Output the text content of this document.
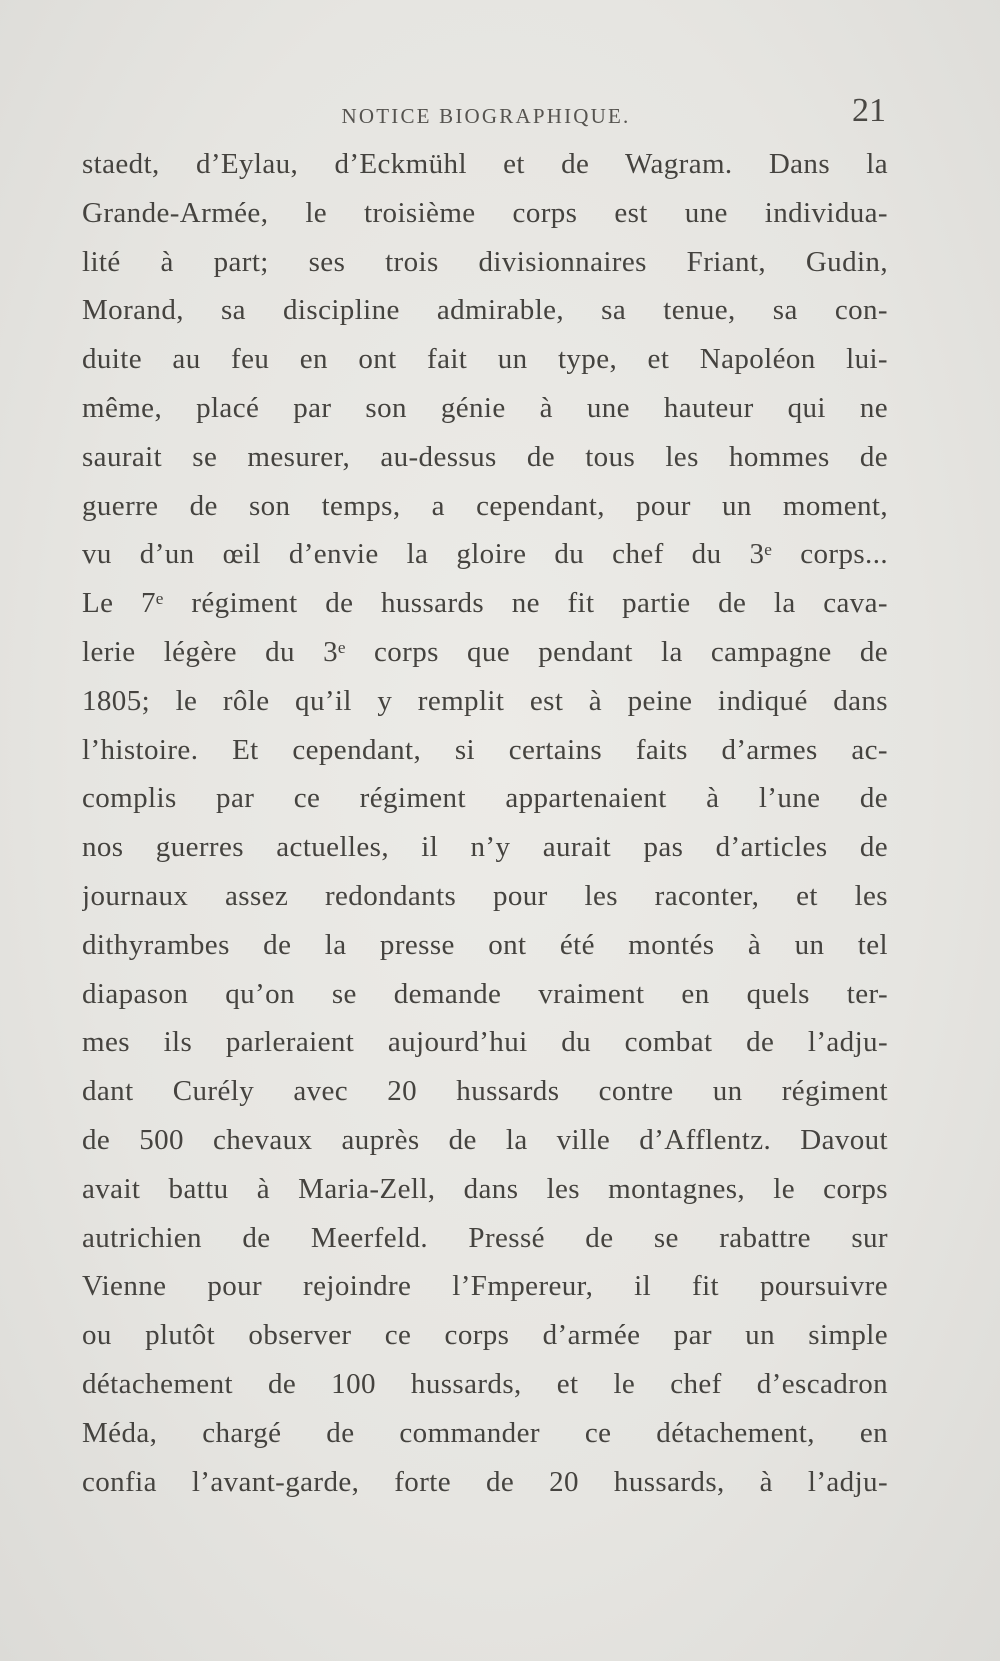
NOTICE BIOGRAPHIQUE.	21
staedt, d’Eylau, d’Eckmühl et de Wagram. Dans la
Grande-Armée, le troisième corps est une individua-
lité à part; ses trois divisionnaires Friant, Gudin,
Morand, sa discipline admirable, sa tenue, sa con-
duite au feu en ont fait un type, et Napoléon lui-
même, placé par son génie à une hauteur qui ne
saurait se mesurer, au-dessus de tous les hommes de
guerre de son temps, a cependant, pour un moment,
vu d’un œil d’envie la gloire du chef du 3ᵉ corps...
Le 7ᵉ régiment de hussards ne fit partie de la cava-
lerie légère du 3ᵉ corps que pendant la campagne de
1805; le rôle qu’il y remplit est à peine indiqué dans
l’histoire. Et cependant, si certains faits d’armes ac-
complis par ce régiment appartenaient à l’une de
nos guerres actuelles, il n’y aurait pas d’articles de
journaux assez redondants pour les raconter, et les
dithyrambes de la presse ont été montés à un tel
diapason qu’on se demande vraiment en quels ter-
mes ils parleraient aujourd’hui du combat de l’adju-
dant Curély avec 20 hussards contre un régiment
de 500 chevaux auprès de la ville d’Afflentz. Davout
avait battu à Maria-Zell, dans les montagnes, le corps
autrichien de Meerfeld. Pressé de se rabattre sur
Vienne pour rejoindre l’Fmpereur, il fit poursuivre
ou plutôt observer ce corps d’armée par un simple
détachement de 100 hussards, et le chef d’escadron
Méda, chargé de commander ce détachement, en
confia l’avant-garde, forte de 20 hussards, à l’adju-
